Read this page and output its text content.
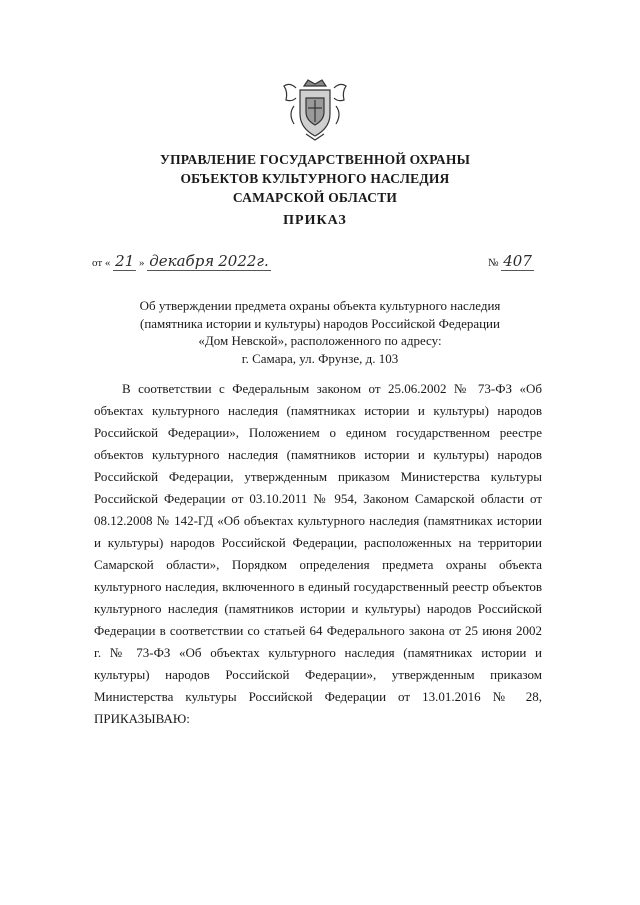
УПРАВЛЕНИЕ ГОСУДАРСТВЕННОЙ ОХРАНЫ
ОБЪЕКТОВ КУЛЬТУРНОГО НАСЛЕДИЯ
САМАРСКОЙ ОБЛАСТИ
ПРИКАЗ
от « 21 » декабря 2022г.	№ 407
Об утверждении предмета охраны объекта культурного наследия
(памятника истории и культуры) народов Российской Федерации
«Дом Невской», расположенного по адресу:
г. Самара, ул. Фрунзе, д. 103
В соответствии с Федеральным законом от 25.06.2002 № 73-ФЗ «Об объектах культурного наследия (памятниках истории и культуры) народов Российской Федерации», Положением о едином государственном реестре объектов культурного наследия (памятников истории и культуры) народов Российской Федерации, утвержденным приказом Министерства культуры Российской Федерации от 03.10.2011 № 954, Законом Самарской области от 08.12.2008 № 142-ГД «Об объектах культурного наследия (памятниках истории и культуры) народов Российской Федерации, расположенных на территории Самарской области», Порядком определения предмета охраны объекта культурного наследия, включенного в единый государственный реестр объектов культурного наследия (памятников истории и культуры) народов Российской Федерации в соответствии со статьей 64 Федерального закона от 25 июня 2002 г. № 73-ФЗ «Об объектах культурного наследия (памятниках истории и культуры) народов Российской Федерации», утвержденным приказом Министерства культуры Российской Федерации от 13.01.2016 № 28, ПРИКАЗЫВАЮ:
